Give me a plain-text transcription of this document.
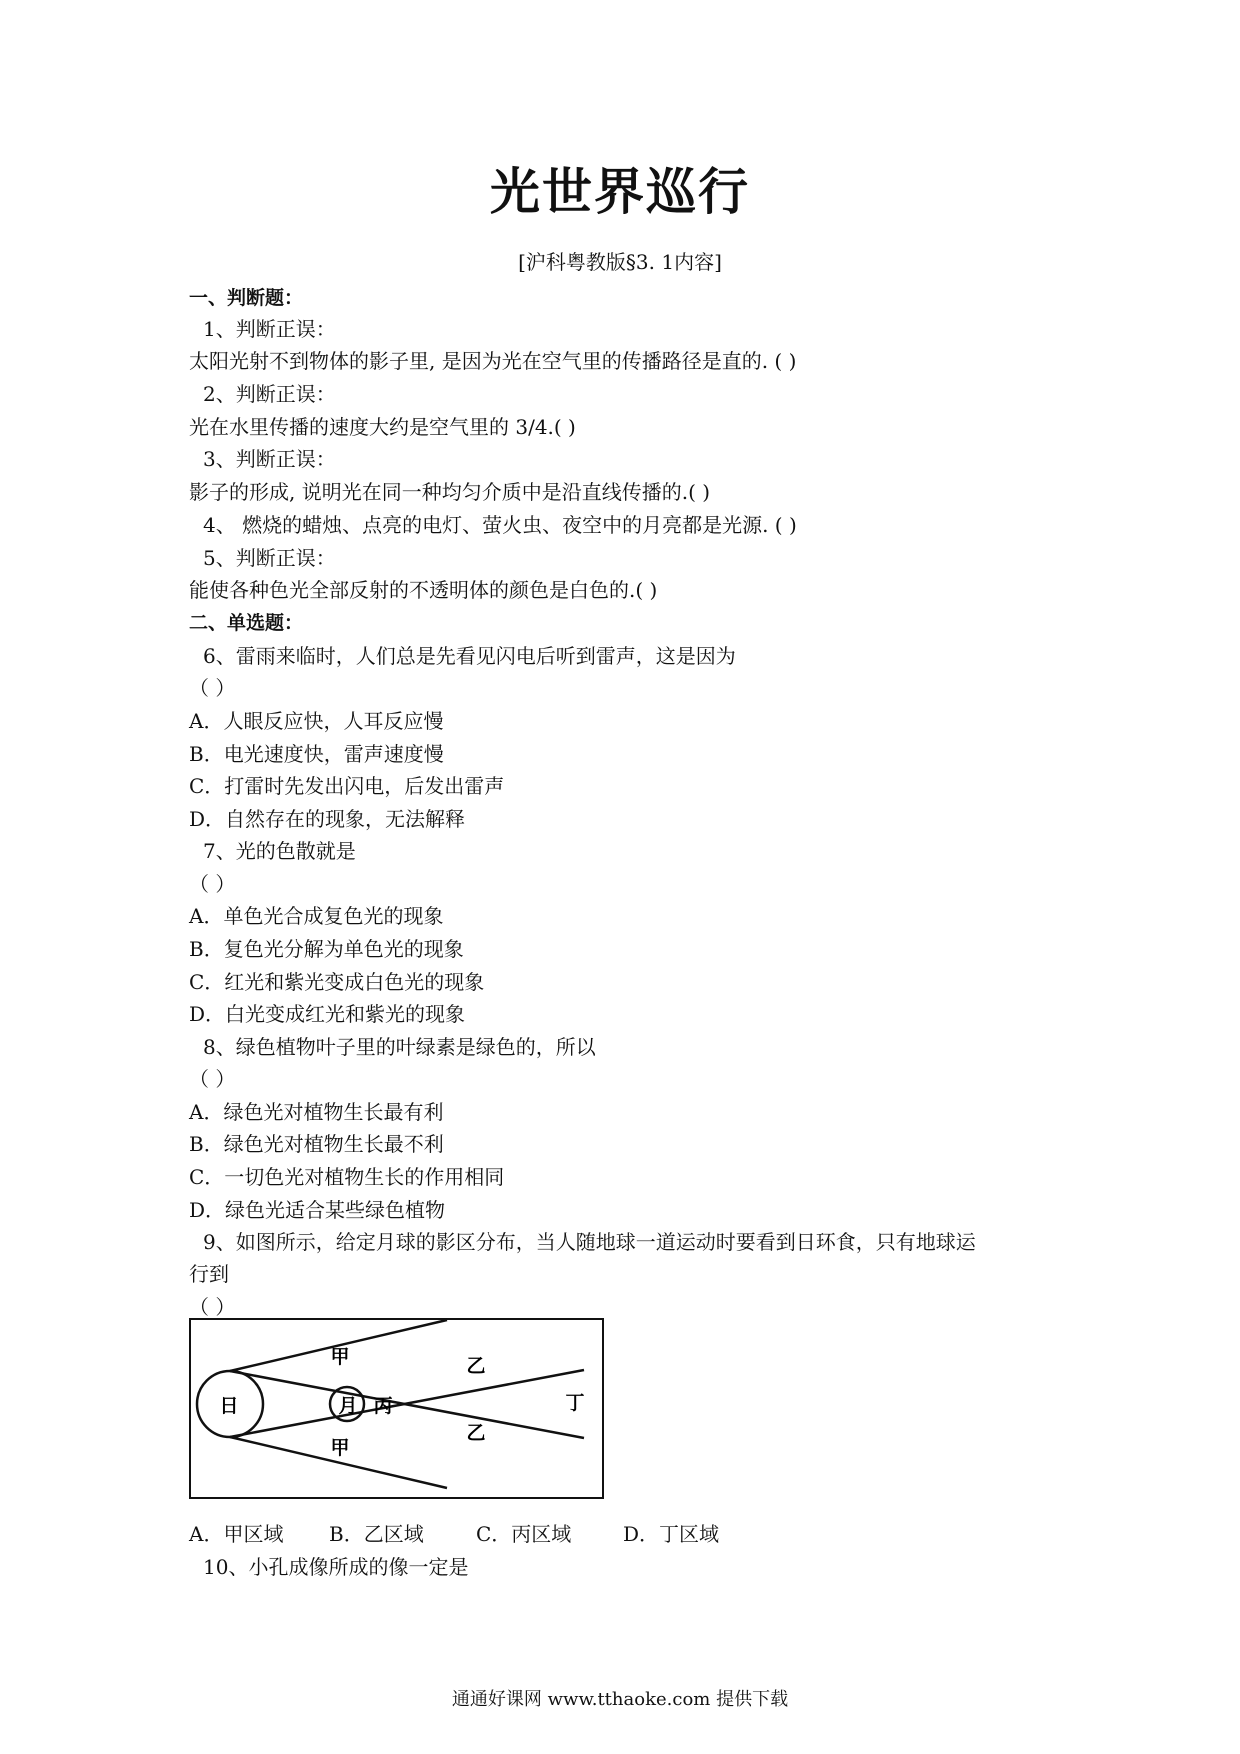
光世界巡行
[沪科粤教版§3. 1内容]
一、判断题：
1、判断正误：
太阳光射不到物体的影子里, 是因为光在空气里的传播路径是直的. ( )
2、判断正误：
光在水里传播的速度大约是空气里的 3/4.( )
3、判断正误：
影子的形成, 说明光在同一种均匀介质中是沿直线传播的.( )
4、 燃烧的蜡烛、点亮的电灯、萤火虫、夜空中的月亮都是光源. ( )
5、判断正误：
能使各种色光全部反射的不透明体的颜色是白色的.( )
二、单选题：
6、雷雨来临时，人们总是先看见闪电后听到雷声，这是因为
（ ）
A．人眼反应快，人耳反应慢
B．电光速度快，雷声速度慢
C．打雷时先发出闪电，后发出雷声
D．自然存在的现象，无法解释
7、光的色散就是
（ ）
A．单色光合成复色光的现象
B．复色光分解为单色光的现象
C．红光和紫光变成白色光的现象
D．白光变成红光和紫光的现象
8、绿色植物叶子里的叶绿素是绿色的，所以
（ ）
A．绿色光对植物生长最有利
B．绿色光对植物生长最不利
C．一切色光对植物生长的作用相同
D．绿色光适合某些绿色植物
9、如图所示，给定月球的影区分布，当人随地球一道运动时要看到日环食，只有地球运
行到
（ ）
日	月 丙
甲
甲
乙
乙
丁
A．甲区域 B．乙区域	C．丙区域	D．丁区域
10、小孔成像所成的像一定是
通通好课网 www.tthaoke.com 提供下载
